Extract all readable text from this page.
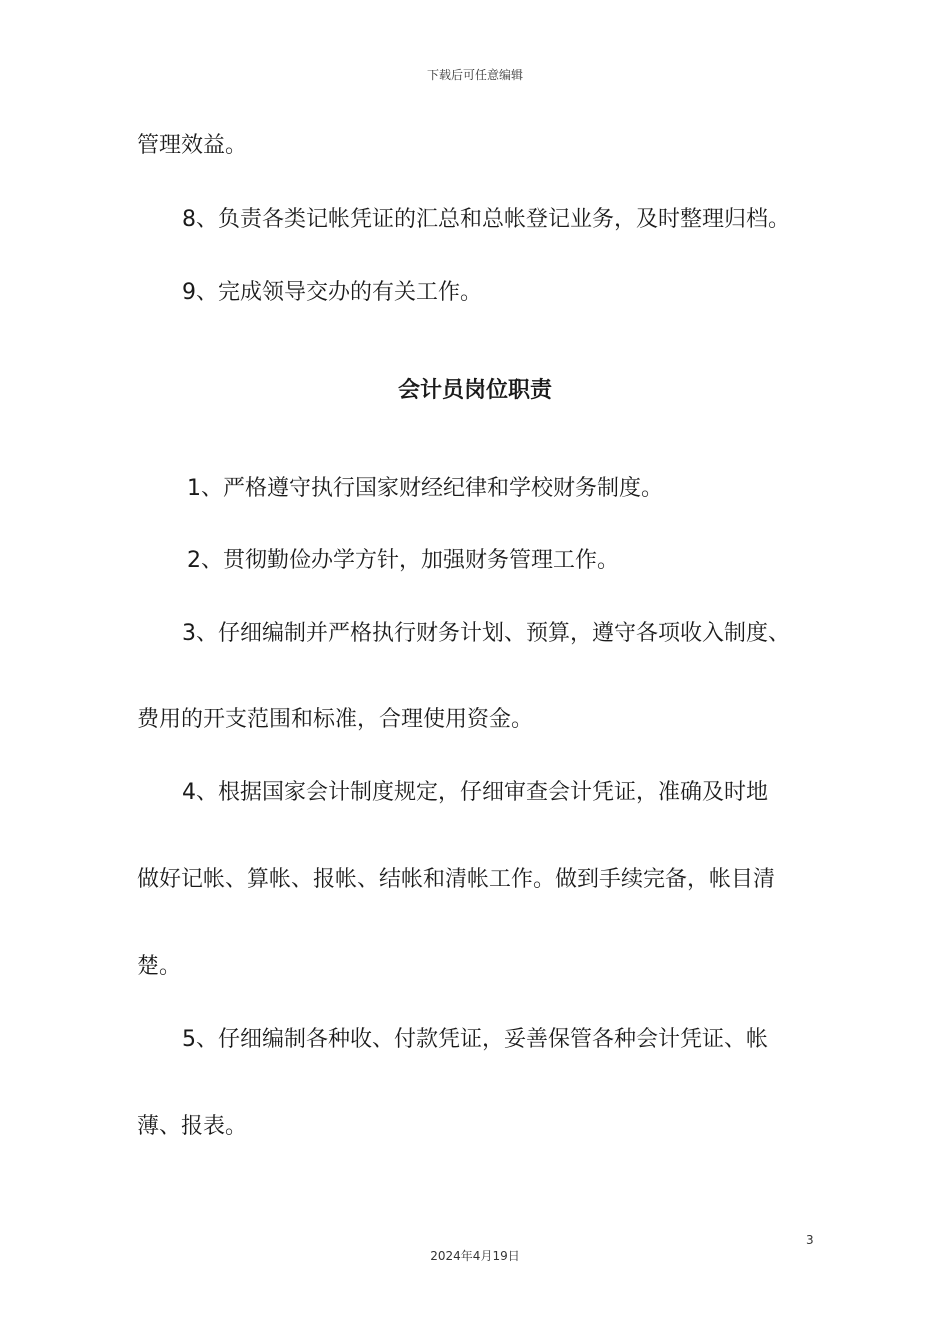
下载后可任意编辑
管理效益。
8、负责各类记帐凭证的汇总和总帐登记业务，及时整理归档。
9、完成领导交办的有关工作。
会计员岗位职责
1、严格遵守执行国家财经纪律和学校财务制度。
2、贯彻勤俭办学方针，加强财务管理工作。
3、仔细编制并严格执行财务计划、预算，遵守各项收入制度、
费用的开支范围和标准，合理使用资金。
4、根据国家会计制度规定，仔细审查会计凭证，准确及时地
做好记帐、算帐、报帐、结帐和清帐工作。做到手续完备，帐目清
楚。
5、仔细编制各种收、付款凭证，妥善保管各种会计凭证、帐
薄、报表。
3
2024年4月19日
